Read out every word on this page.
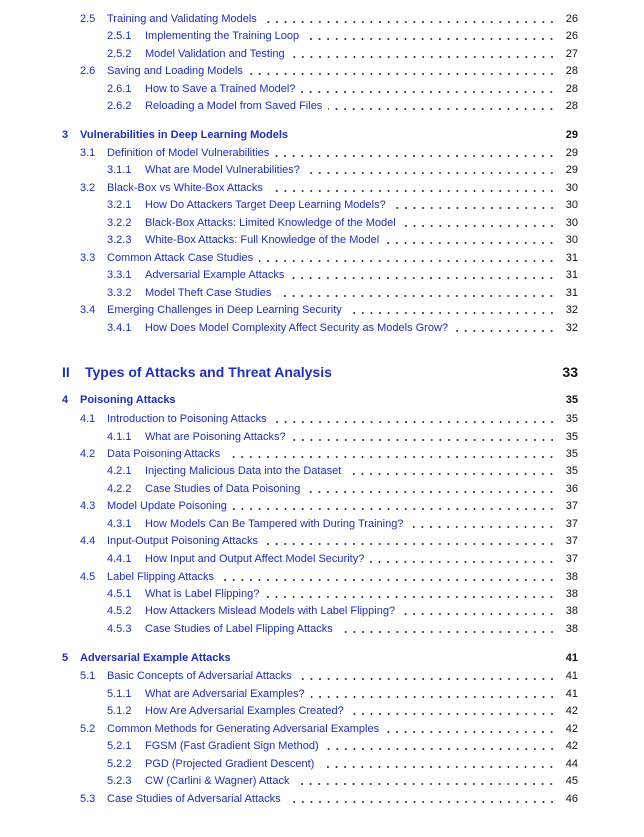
2.5 Training and Validating Models	26
2.5.1 Implementing the Training Loop	26
2.5.2 Model Validation and Testing	27
2.6 Saving and Loading Models	28
2.6.1 How to Save a Trained Model?	28
2.6.2 Reloading a Model from Saved Files	28
3 Vulnerabilities in Deep Learning Models	29
3.1 Definition of Model Vulnerabilities	29
3.1.1 What are Model Vulnerabilities?	29
3.2 Black-Box vs White-Box Attacks	30
3.2.1 How Do Attackers Target Deep Learning Models?	30
3.2.2 Black-Box Attacks: Limited Knowledge of the Model	30
3.2.3 White-Box Attacks: Full Knowledge of the Model	30
3.3 Common Attack Case Studies	31
3.3.1 Adversarial Example Attacks	31
3.3.2 Model Theft Case Studies	31
3.4 Emerging Challenges in Deep Learning Security	32
3.4.1 How Does Model Complexity Affect Security as Models Grow?	32
II Types of Attacks and Threat Analysis	33
4 Poisoning Attacks	35
4.1 Introduction to Poisoning Attacks	35
4.1.1 What are Poisoning Attacks?	35
4.2 Data Poisoning Attacks	35
4.2.1 Injecting Malicious Data into the Dataset	35
4.2.2 Case Studies of Data Poisoning	36
4.3 Model Update Poisoning	37
4.3.1 How Models Can Be Tampered with During Training?	37
4.4 Input-Output Poisoning Attacks	37
4.4.1 How Input and Output Affect Model Security?	37
4.5 Label Flipping Attacks	38
4.5.1 What is Label Flipping?	38
4.5.2 How Attackers Mislead Models with Label Flipping?	38
4.5.3 Case Studies of Label Flipping Attacks	38
5 Adversarial Example Attacks	41
5.1 Basic Concepts of Adversarial Attacks	41
5.1.1 What are Adversarial Examples?	41
5.1.2 How Are Adversarial Examples Created?	42
5.2 Common Methods for Generating Adversarial Examples	42
5.2.1 FGSM (Fast Gradient Sign Method)	42
5.2.2 PGD (Projected Gradient Descent)	44
5.2.3 CW (Carlini & Wagner) Attack	45
5.3 Case Studies of Adversarial Attacks	46
